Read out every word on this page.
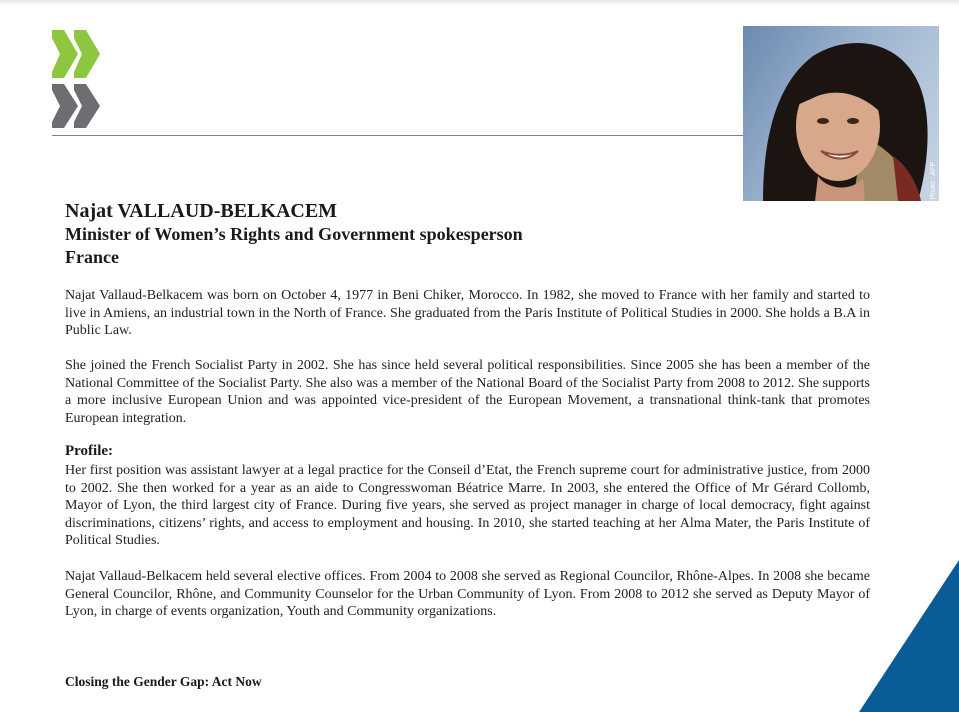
Photo : AFP
Najat VALLAUD-BELKACEM
Minister of Women’s Rights and Government spokesperson
France

Najat Vallaud-Belkacem was born on October 4, 1977 in Beni Chiker, Morocco. In 1982, she moved to France with her family and started to live in Amiens, an industrial town in the North of France. She graduated from the Paris Institute of Political Studies in 2000. She holds a B.A in Public Law.

She joined the French Socialist Party in 2002. She has since held several political responsibilities. Since 2005 she has been a member of the National Committee of the Socialist Party. She also was a member of the National Board of the Socialist Party from 2008 to 2012. She supports a more inclusive European Union and was appointed vice-president of the European Movement, a transnational think-tank that promotes European integration.

Profile:

Her first position was assistant lawyer at a legal practice for the Conseil d’Etat, the French supreme court for administrative justice, from 2000 to 2002. She then worked for a year as an aide to Congresswoman Béatrice Marre. In 2003, she entered the Office of Mr Gérard Collomb, Mayor of Lyon, the third largest city of France. During five years, she served as project manager in charge of local democracy, fight against discriminations, citizens’ rights, and access to employment and housing. In 2010, she started teaching at her Alma Mater, the Paris Institute of Political Studies.

Najat Vallaud-Belkacem held several elective offices. From 2004 to 2008 she served as Regional Councilor, Rhône-Alpes. In 2008 she became General Councilor, Rhône, and Community Counselor for the Urban Community of Lyon. From 2008 to 2012 she served as Deputy Mayor of Lyon, in charge of events organization, Youth and Community organizations.

Closing the Gender Gap: Act Now
